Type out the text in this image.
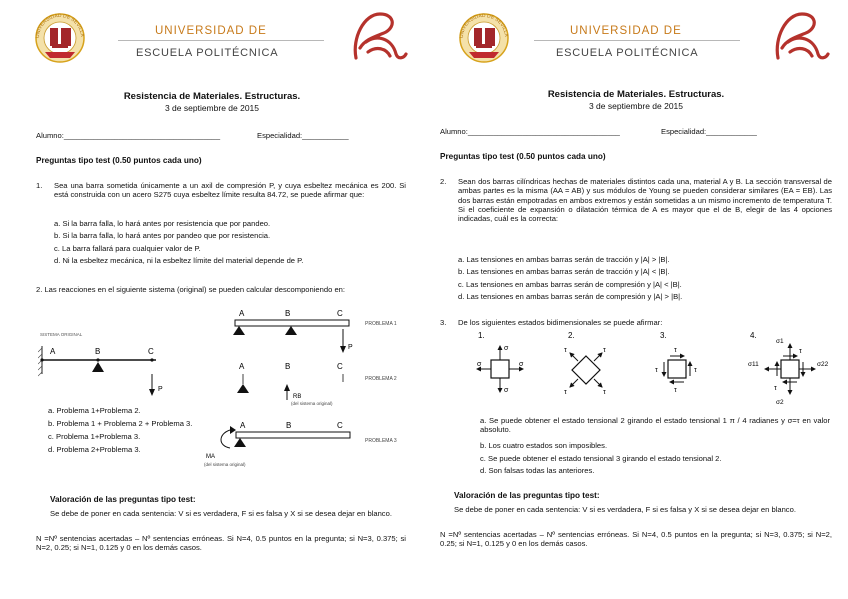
UNIVERSIDAD DE SEVILLA	UNIVERSIDAD DE
ESCUELA POLITÉCNICA
Resistencia de Materiales. Estructuras.
3 de septiembre de 2015
Alumno:_____________________________________	Especialidad:___________
Preguntas tipo test (0.50 puntos cada uno)
1. Sea una barra sometida únicamente a un axil de compresión P, y cuya esbeltez mecánica es 200. Si está construida con un acero S275 cuya esbeltez límite resulta 84.72, se puede afirmar que:
a. Si la barra falla, lo hará antes por resistencia que por pandeo.
b. Si la barra falla, lo hará antes por pandeo que por resistencia.
c. La barra fallará para cualquier valor de P.
d. Ni la esbeltez mecánica, ni la esbeltez límite del material depende de P.
2. Las reacciones en el siguiente sistema (original) se pueden calcular descomponiendo en:
SISTEMA ORIGINAL
A	B	C
P
A	B	C
P
PROBLEMA 1
A	B	C
RB
(del sistema original)
PROBLEMA 2
a. Problema 1+Problema 2.
b. Problema 1 + Problema 2 + Problema 3.
c. Problema 1+Problema 3.
d. Problema 2+Problema 3.
A	B	C
MA
(del sistema original)
PROBLEMA 3
Valoración de las preguntas tipo test:
Se debe de poner en cada sentencia: V si es verdadera, F si es falsa y X si se desea dejar en blanco.
N =Nº sentencias acertadas – Nº sentencias erróneas. Si N=4, 0.5 puntos en la pregunta; si N=3, 0.375; si N=2, 0.25; si N=1, 0.125 y 0 en los demás casos.
UNIVERSIDAD DE SEVILLA	UNIVERSIDAD DE
ESCUELA POLITÉCNICA
Resistencia de Materiales. Estructuras.
3 de septiembre de 2015
Alumno:____________________________________	Especialidad:____________
Preguntas tipo test (0.50 puntos cada uno)
2. Sean dos barras cilíndricas hechas de materiales distintos cada una, material A y B. La sección transversal de ambas partes es la misma (AA = AB) y sus módulos de Young se pueden considerar similares (EA = EB). Las dos barras están empotradas en ambos extremos y están sometidas a un mismo incremento de temperatura T. Si el coeficiente de expansión o dilatación térmica de A es mayor que el de B, elegir de las 4 opciones indicadas, cuál es la correcta:
a. Las tensiones en ambas barras serán de tracción y |A| > |B|.
b. Las tensiones en ambas barras serán de tracción y |A| < |B|.
c. Las tensiones en ambas barras serán de compresión y |A| < |B|.
d. Las tensiones en ambas barras serán de compresión y |A| > |B|.
3. De los siguientes estados bidimensionales se puede afirmar:
1.	2.	3.	4.
σ
σ
σ	σ
τ	τ
τ	τ
τ
τ
τ	τ
σ1
σ2
σ11	σ22
τ
τ
a. Se puede obtener el estado tensional 2 girando el estado tensional 1 π / 4 radianes y σ=τ en valor absoluto.
b. Los cuatro estados son imposibles.
c. Se puede obtener el estado tensional 3 girando el estado tensional 2.
d. Son falsas todas las anteriores.
Valoración de las preguntas tipo test:
Se debe de poner en cada sentencia: V si es verdadera, F si es falsa y X si se desea dejar en blanco.
N =Nº sentencias acertadas – Nº sentencias erróneas. Si N=4, 0.5 puntos en la pregunta; si N=3, 0.375; si N=2, 0.25; si N=1, 0.125 y 0 en los demás casos.
